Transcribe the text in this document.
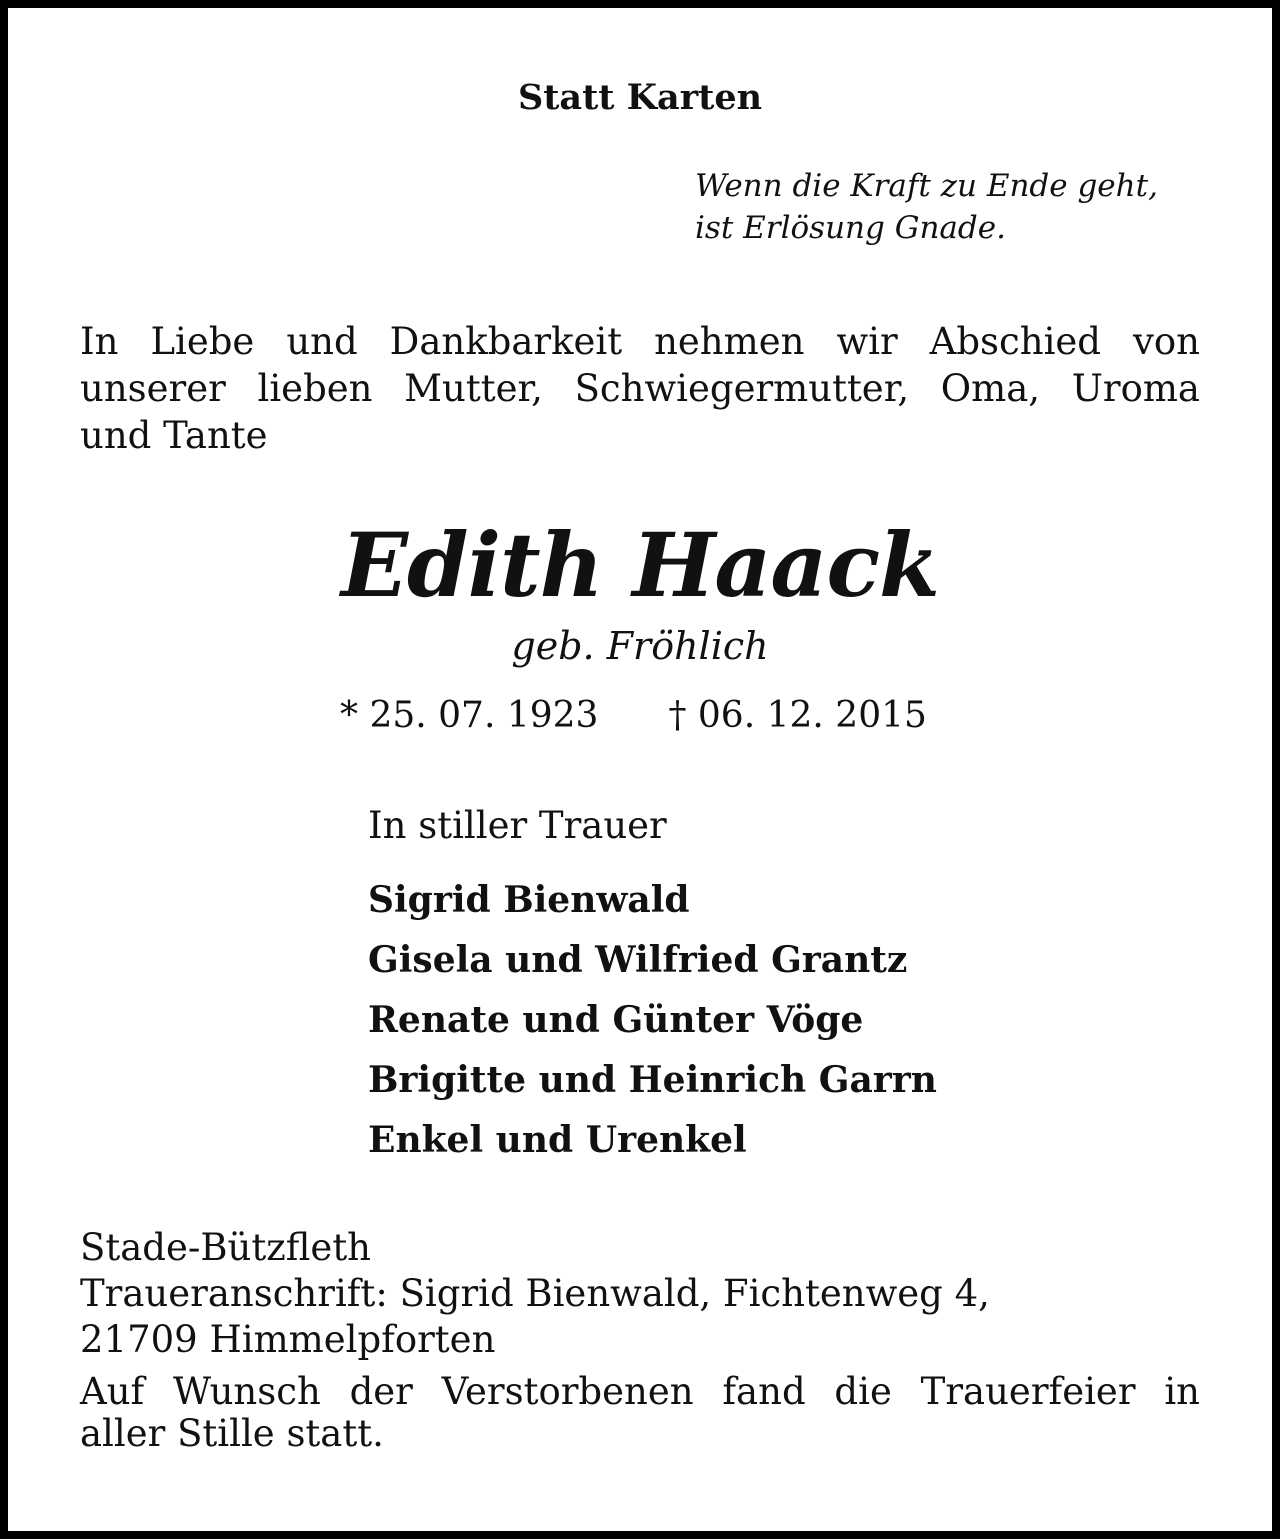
Statt Karten

Wenn die Kraft zu Ende geht,
ist Erlösung Gnade.
In Liebe und Dankbarkeit nehmen wir Abschied von
unserer lieben Mutter, Schwiegermutter, Oma, Uroma
und Tante
Edith Haack

geb. Fröhlich

* 25. 07. 1923 † 06. 12. 2015

In stiller Trauer

Sigrid Bienwald
Gisela und Wilfried Grantz
Renate und Günter Vöge
Brigitte und Heinrich Garrn
Enkel und Urenkel
Stade-Bützfleth
Traueranschrift: Sigrid Bienwald, Fichtenweg 4,
21709 Himmelpforten
Auf Wunsch der Verstorbenen fand die Trauerfeier in
aller Stille statt.
